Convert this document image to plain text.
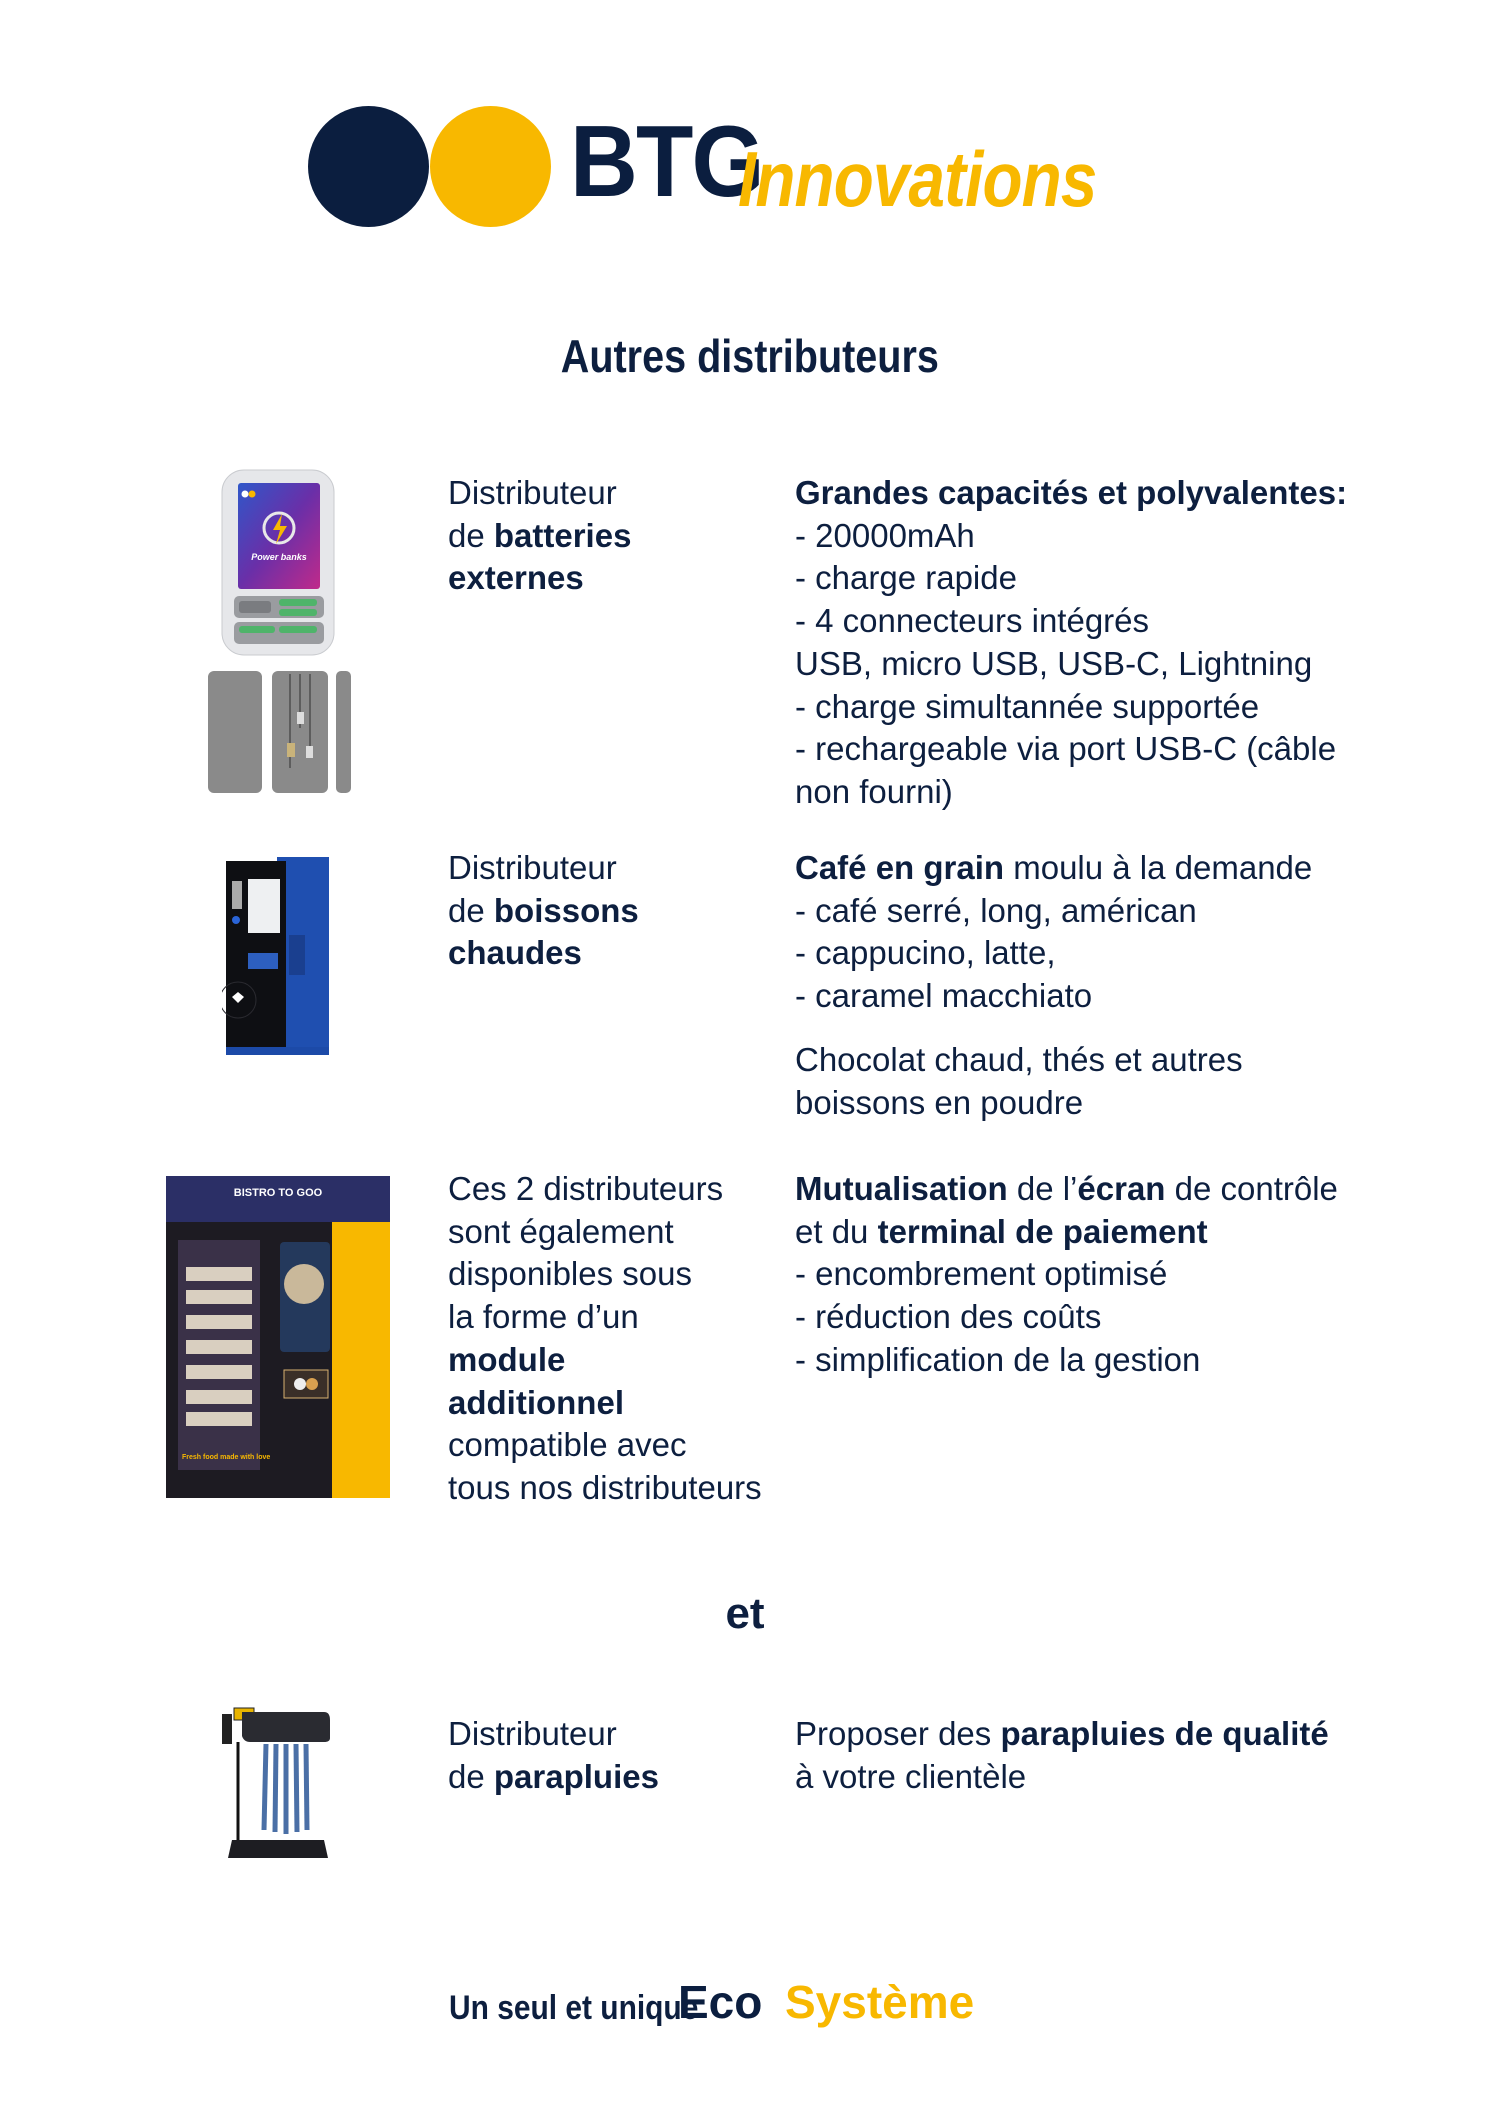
BTG
Innovations
Autres distributeurs
Power banks
Distributeur
de batteries
externes
Grandes capacités et polyvalentes:
- 20000mAh
- charge rapide
- 4 connecteurs intégrés
USB, micro USB, USB-C, Lightning
- charge simultannée supportée
- rechargeable via port USB-C (câble
non fourni)
Distributeur
de boissons
chaudes
Café en grain moulu à la demande
- café serré, long, américan
- cappucino, latte,
- caramel macchiato
Chocolat chaud, thés et autres
boissons en poudre
BISTRO TO GOO
Fresh food made with love
Ces 2 distributeurs
sont également
disponibles sous
la forme d’un
module
additionnel
compatible avec
tous nos distributeurs
Mutualisation de l’écran de contrôle
et du terminal de paiement
- encombrement optimisé
- réduction des coûts
- simplification de la gestion
et
Distributeur
de parapluies
Proposer des parapluies de qualité
à votre clientèle
Un seul et unique
Eco Système
